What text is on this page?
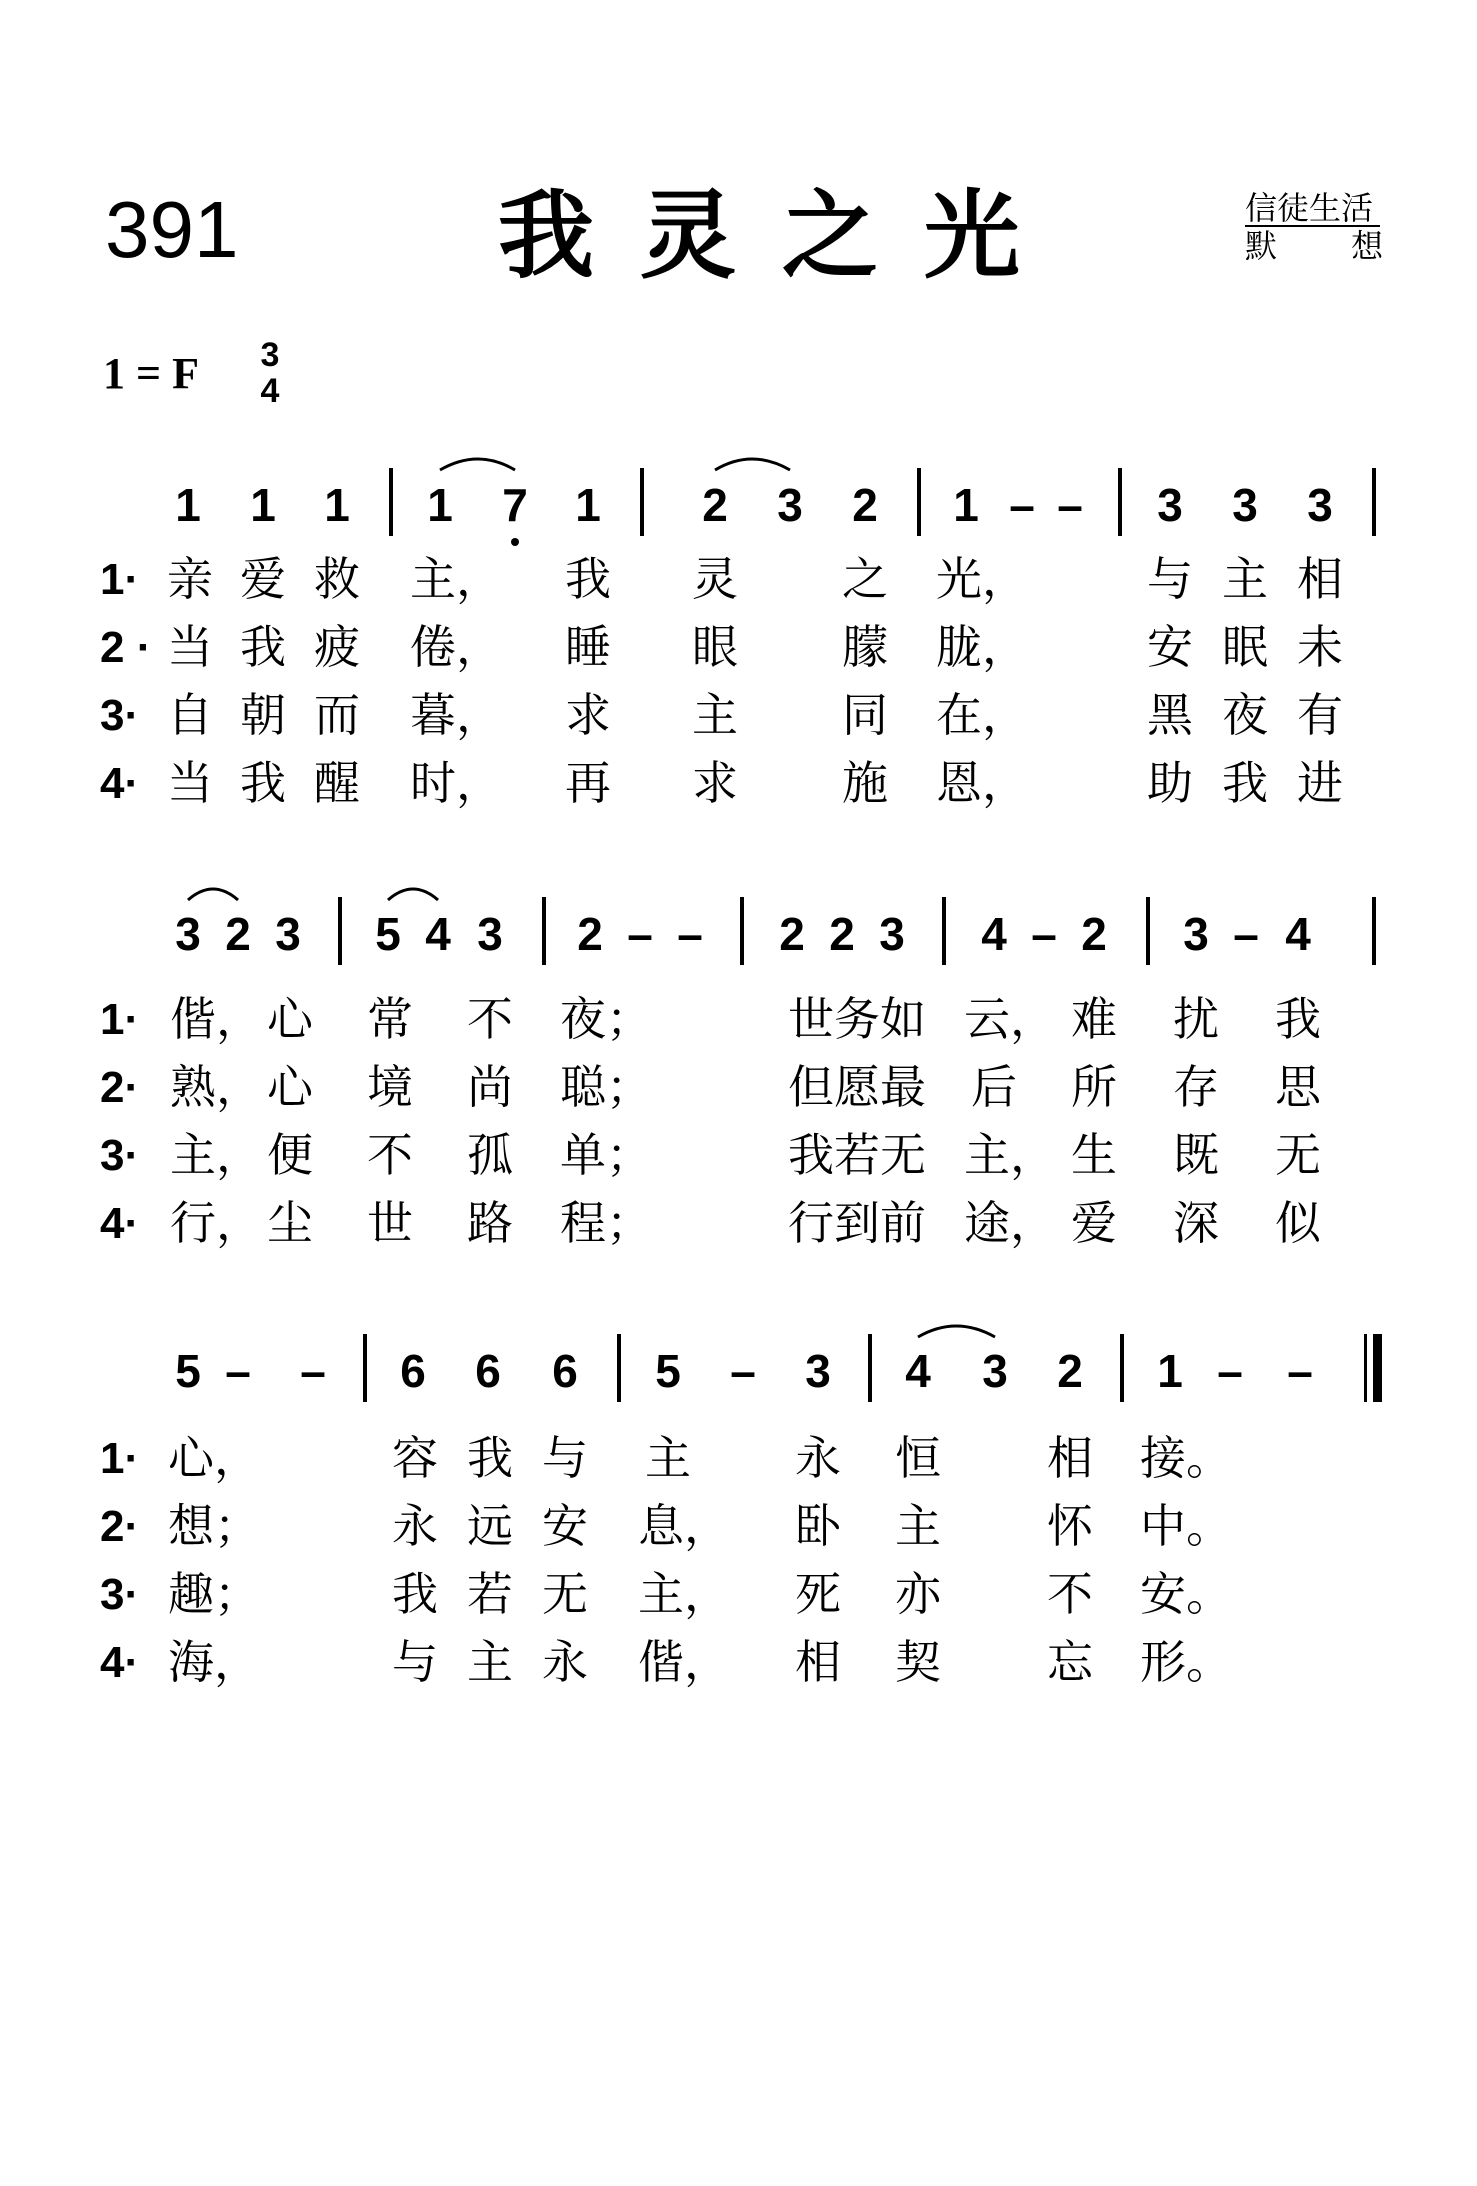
391	我灵之光	信徒生活
默 想
1 = F	3
4
1	1	1	1	7	1	2	3	2	1 – –	3	3	3
1· 亲 爱 救 主， 我 灵 之 光，	与 主 相
2 · 当 我 疲 倦， 睡 眼 朦 胧，	安 眠 未
3· 自 朝 而 暮， 求 主 同 在，	黑 夜 有
4· 当 我 醒 时， 再 求 施 恩，	助 我 进
3 2 3	5 4 3	2 – –	2 2 3	4 – 2	3 – 4
1· 偕， 心 常 不 夜；	世务如 云， 难 扰 我
2· 熟， 心 境 尚 聪；	但愿最 后 所 存 思
3· 主， 便 不 孤 单；	我若无 主， 生 既 无
4· 行， 尘 世 路 程；	行到前 途， 爱 深 似
5 – –	6	6	6	5	–	3	4	3	2	1 – –
1· 心，	容 我 与 主 永 恒 相 接。
2· 想；	永 远 安 息， 卧 主 怀 中。
3· 趣；	我 若 无 主， 死 亦 不 安。
4· 海，	与 主 永 偕， 相 契 忘 形。
